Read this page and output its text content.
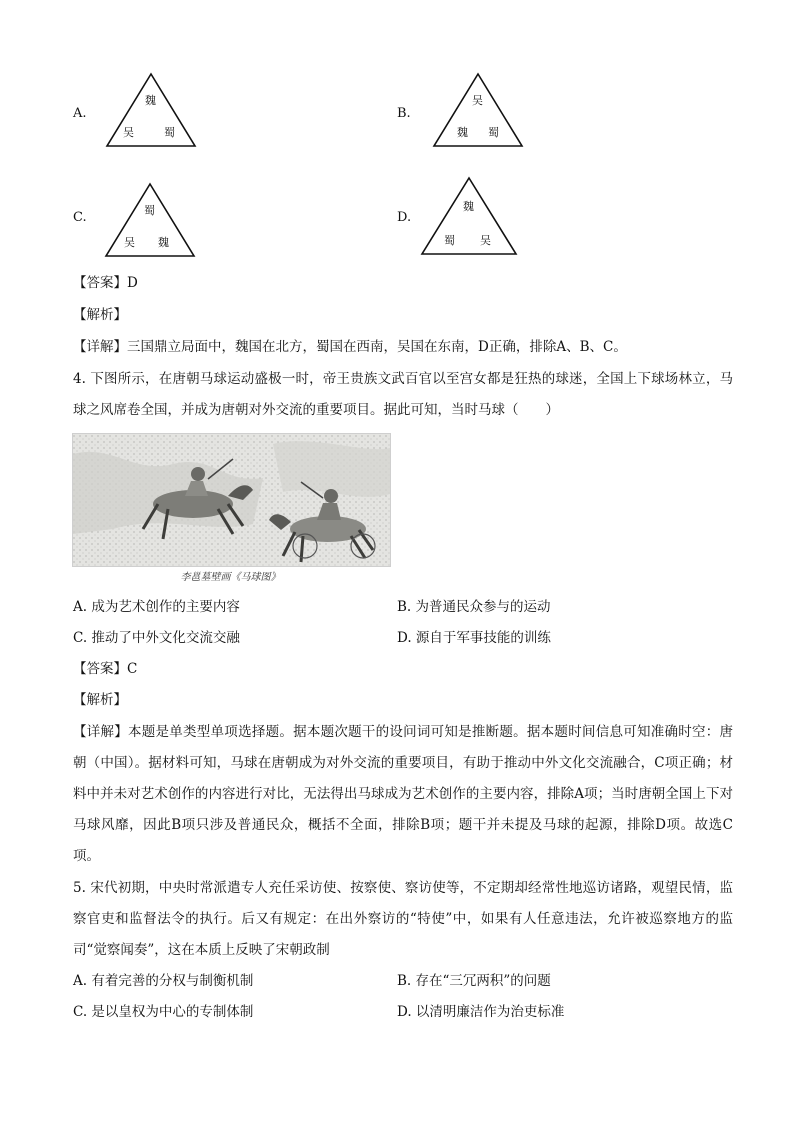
A.
魏
吴	蜀
B.
吴
魏 蜀
C.	蜀
吴 魏
D.
魏
蜀 吴
【答案】D
【解析】
【详解】三国鼎立局面中，魏国在北方，蜀国在西南，吴国在东南，D正确，排除A、B、C。
4. 下图所示，在唐朝马球运动盛极一时，帝王贵族文武百官以至宫女都是狂热的球迷，全国上下球场林立，马球之风席卷全国，并成为唐朝对外交流的重要项目。据此可知，当时马球（　　）
李邕墓壁画《马球图》
A. 成为艺术创作的主要内容	B. 为普通民众参与的运动
C. 推动了中外文化交流交融	D. 源自于军事技能的训练
【答案】C
【解析】
【详解】本题是单类型单项选择题。据本题次题干的设问词可知是推断题。据本题时间信息可知准确时空：唐朝（中国）。据材料可知，马球在唐朝成为对外交流的重要项目，有助于推动中外文化交流融合，C项正确；材料中并未对艺术创作的内容进行对比，无法得出马球成为艺术创作的主要内容，排除A项；当时唐朝全国上下对马球风靡，因此B项只涉及普通民众，概括不全面，排除B项；题干并未提及马球的起源，排除D项。故选C项。
5. 宋代初期，中央时常派遣专人充任采访使、按察使、察访使等，不定期却经常性地巡访诸路，观望民情，监察官吏和监督法令的执行。后又有规定：在出外察访的“特使”中，如果有人任意违法，允许被巡察地方的监司“觉察闻奏”，这在本质上反映了宋朝政制
A. 有着完善的分权与制衡机制	B. 存在“三冗两积”的问题
C. 是以皇权为中心的专制体制	D. 以清明廉洁作为治吏标准
